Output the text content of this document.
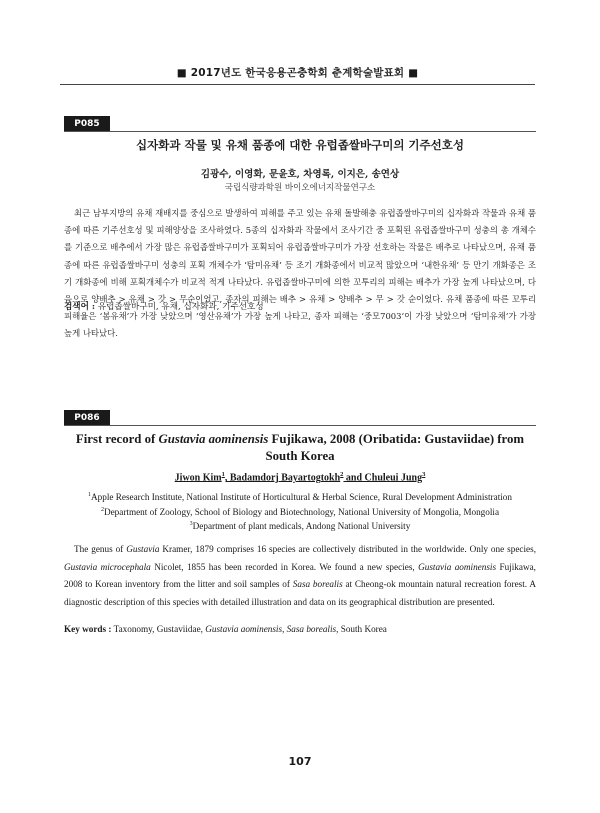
■ 2017년도 한국응용곤충학회 춘계학술발표회 ■
P085
십자화과 작물 및 유채 품종에 대한 유럽좁쌀바구미의 기주선호성
김광수, 이영화, 문윤호, 차영록, 이지은, 송연상
국립식량과학원 바이오에너지작물연구소

최근 남부지방의 유채 재배지를 중심으로 발생하여 피해를 주고 있는 유채 돌발해충 유럽좁쌀바구미의 십자화과 작물과 유채 품종에 따른 기주선호성 및 피해양상을 조사하였다. 5종의 십자화과 작물에서 조사기간 중 포획된 유럽좁쌀바구미 성충의 총 개체수를 기준으로 배추에서 가장 많은 유럽좁쌀바구미가 포획되어 유럽좁쌀바구미가 가장 선호하는 작물은 배추로 나타났으며, 유채 품종에 따른 유럽좁쌀바구미 성충의 포획 개체수가 ‘탐미유채’ 등 조기 개화종에서 비교적 많았으며 ‘내한유채’ 등 만기 개화종은 조기 개화종에 비해 포획개체수가 비교적 적게 나타났다. 유럽좁쌀바구미에 의한 꼬투리의 피해는 배추가 가장 높게 나타났으며, 다음으로 양배추 > 유채 > 갓 > 무순이었고, 종자의 피해는 배추 > 유채 > 양배추 > 무 > 갓 순이었다. 유채 품종에 따른 꼬투리 피해율은 ‘봄유채’가 가장 낮았으며 ‘영산유채’가 가장 높게 나타고, 종자 피해는 ‘중모7003’이 가장 낮았으며 ‘탐미유채’가 가장 높게 나타났다.

검색어 : 유럽좁쌀바구미, 유채, 십자화과, 기주선호성
P086
First record of Gustavia aominensis Fujikawa, 2008 (Oribatida: Gustaviidae) from South Korea
Jiwon Kim$^1$, Badamdorj Bayartogtokh$^2$ and Chuleui Jung$^3$
$^1$Apple Research Institute, National Institute of Horticultural & Herbal Science, Rural Development Administration
$^2$Department of Zoology, School of Biology and Biotechnology, National University of Mongolia, Mongolia
$^3$Department of plant medicals, Andong National University

The genus of Gustavia Kramer, 1879 comprises 16 species are collectively distributed in the worldwide. Only one species, Gustavia microcephala Nicolet, 1855 has been recorded in Korea. We found a new species, Gustavia aominensis Fujikawa, 2008 to Korean inventory from the litter and soil samples of Sasa borealis at Cheong-ok mountain natural recreation forest. A diagnostic description of this species with detailed illustration and data on its geographical distribution are presented.

Key words : Taxonomy, Gustaviidae, Gustavia aominensis, Sasa borealis, South Korea
107
